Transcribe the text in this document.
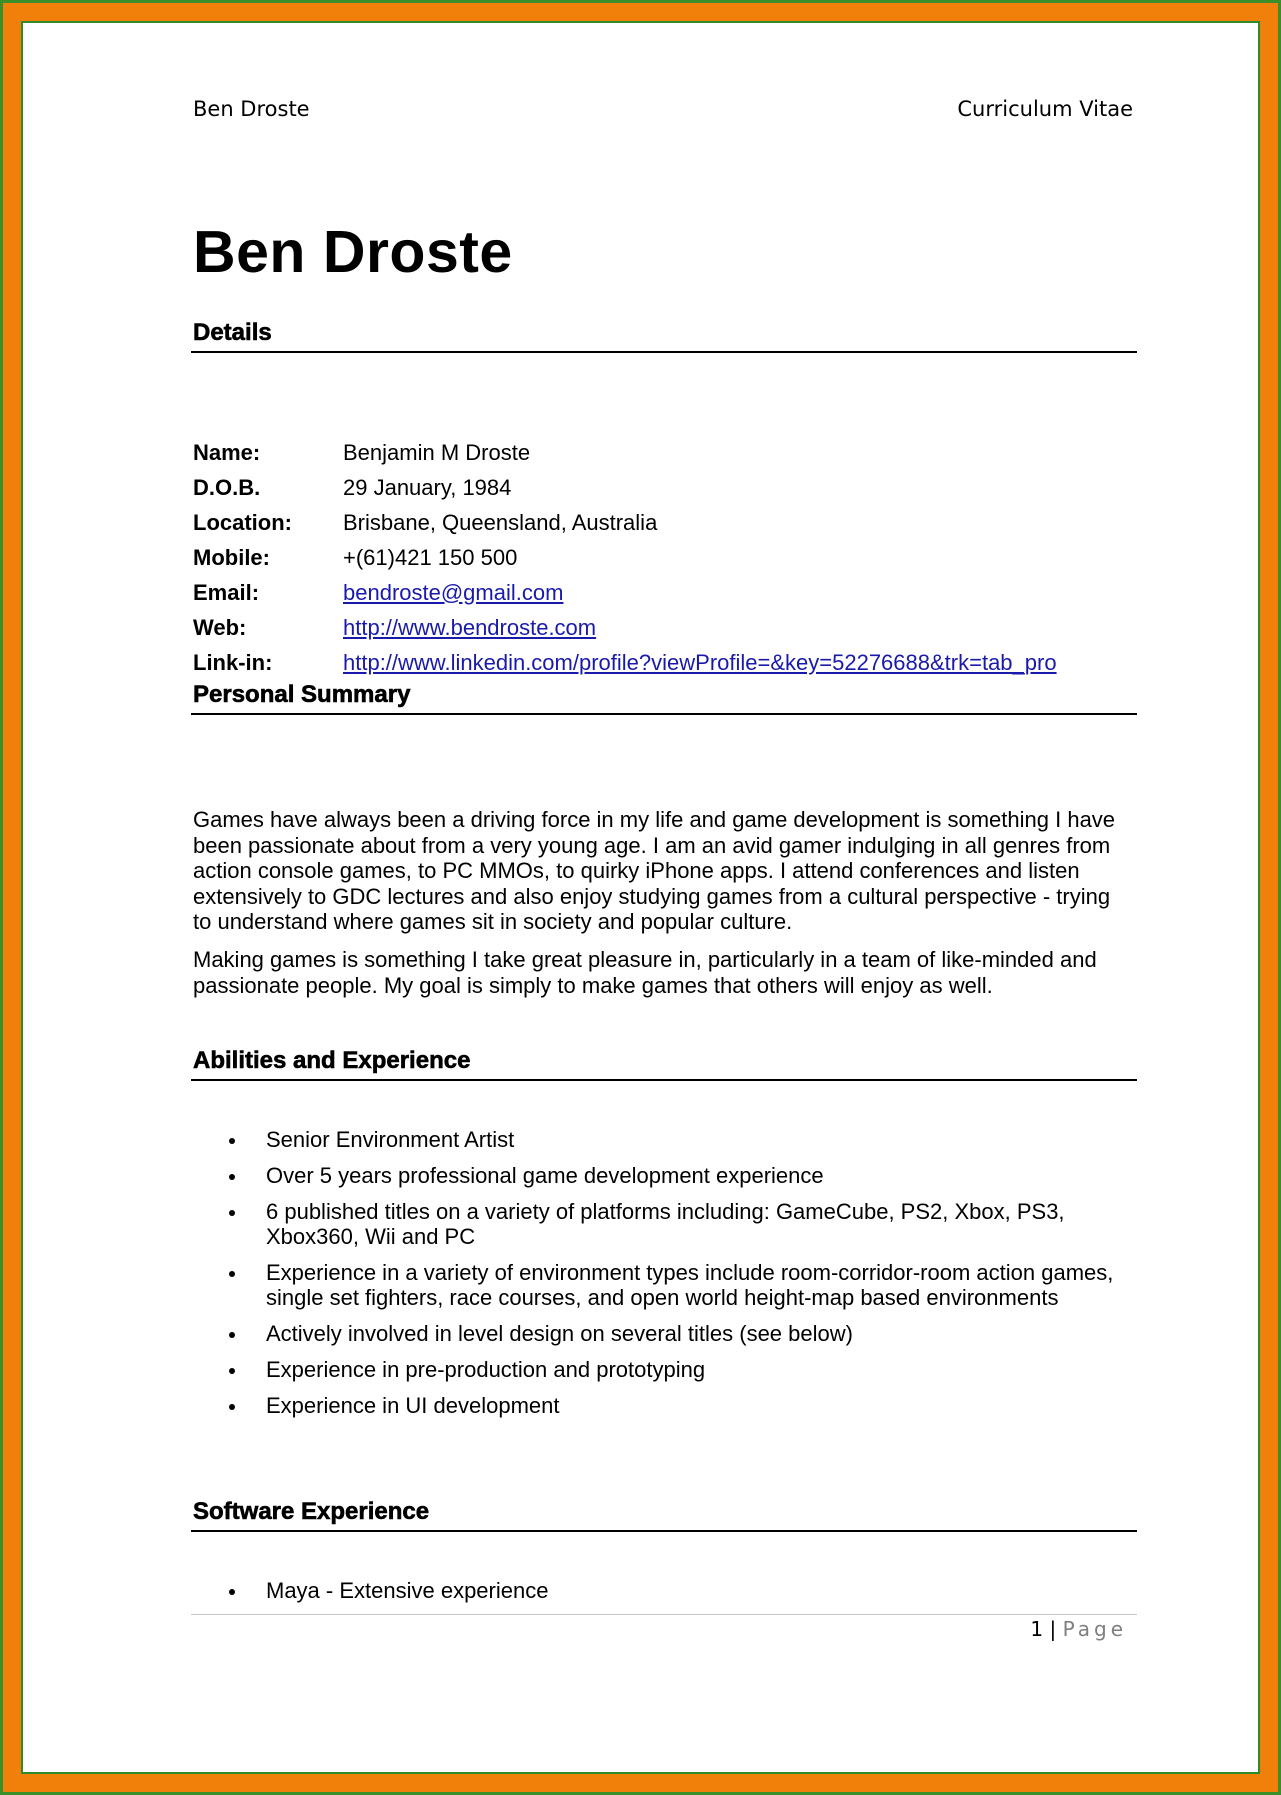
Ben Droste	Curriculum Vitae
Ben Droste
Details
Name:	Benjamin M Droste
D.O.B.	29 January, 1984
Location:	Brisbane, Queensland, Australia
Mobile:	+(61)421 150 500
Email:	bendroste@gmail.com
Web:	http://www.bendroste.com
Link-in:	http://www.linkedin.com/profile?viewProfile=&key=52276688&trk=tab_pro
Personal Summary
Games have always been a driving force in my life and game development is something I have been passionate about from a very young age. I am an avid gamer indulging in all genres from action console games, to PC MMOs, to quirky iPhone apps. I attend conferences and listen extensively to GDC lectures and also enjoy studying games from a cultural perspective - trying to understand where games sit in society and popular culture.
Making games is something I take great pleasure in, particularly in a team of like-minded and passionate people. My goal is simply to make games that others will enjoy as well.
Abilities and Experience
Senior Environment Artist
Over 5 years professional game development experience
6 published titles on a variety of platforms including: GameCube, PS2, Xbox, PS3, Xbox360, Wii and PC
Experience in a variety of environment types include room-corridor-room action games, single set fighters, race courses, and open world height-map based environments
Actively involved in level design on several titles (see below)
Experience in pre-production and prototyping
Experience in UI development
Software Experience
Maya - Extensive experience
1 | Page
